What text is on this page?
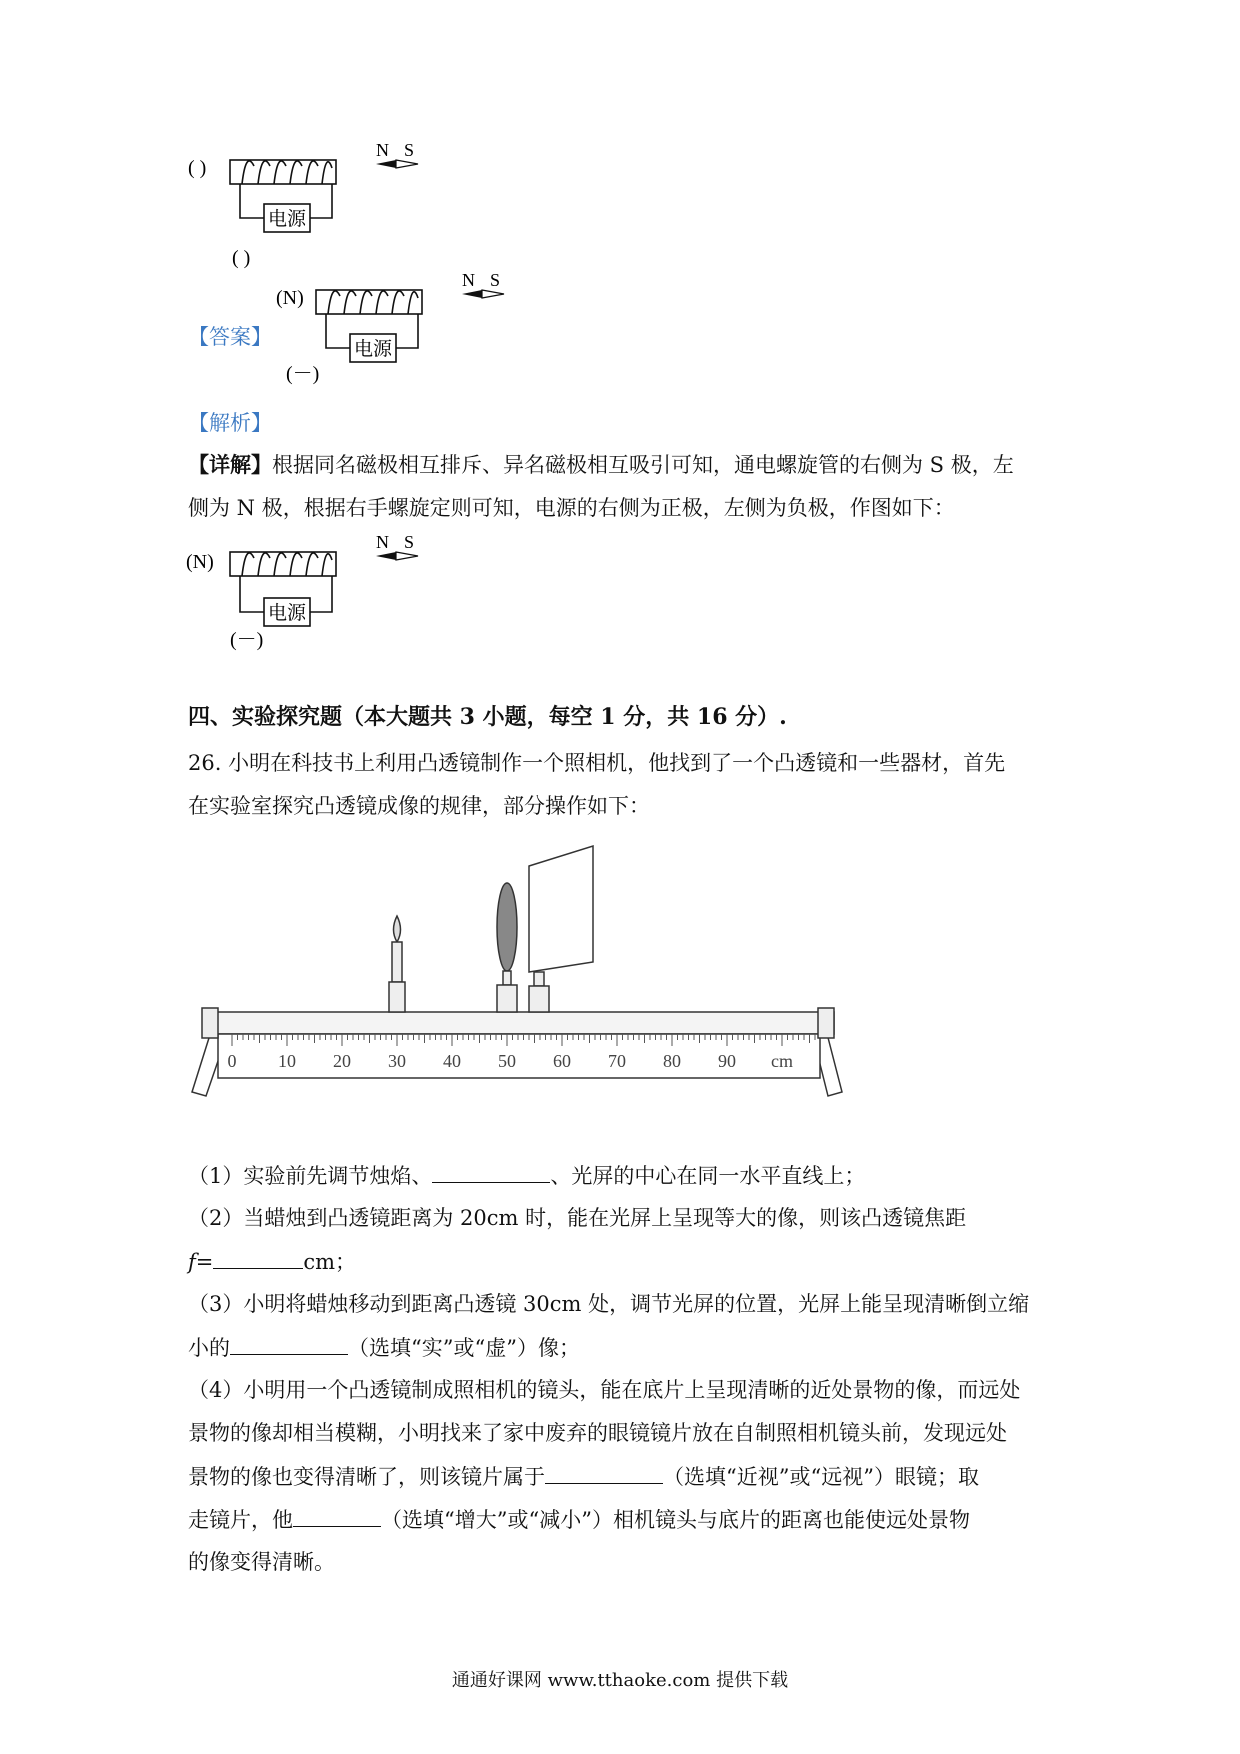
( )
电源
( )
N S
【答案】
(N)
电源
(－)
N S
【解析】
【详解】根据同名磁极相互排斥、异名磁极相互吸引可知，通电螺旋管的右侧为 S 极，左
侧为 N 极，根据右手螺旋定则可知，电源的右侧为正极，左侧为负极，作图如下：
(N)
电源
(－)
N S
四、实验探究题（本大题共 3 小题，每空 1 分，共 16 分）.
26. 小明在科技书上利用凸透镜制作一个照相机，他找到了一个凸透镜和一些器材，首先
在实验室探究凸透镜成像的规律，部分操作如下：
0 10 20 30 40 50 60 70 80 90 cm
（1）实验前先调节烛焰、	、光屏的中心在同一水平直线上；
（2）当蜡烛到凸透镜距离为 20cm 时，能在光屏上呈现等大的像，则该凸透镜焦距
f=	cm；
（3）小明将蜡烛移动到距离凸透镜 30cm 处，调节光屏的位置，光屏上能呈现清晰倒立缩
小的	（选填“实”或“虚”）像；
（4）小明用一个凸透镜制成照相机的镜头，能在底片上呈现清晰的近处景物的像，而远处
景物的像却相当模糊，小明找来了家中废弃的眼镜镜片放在自制照相机镜头前，发现远处
景物的像也变得清晰了，则该镜片属于	（选填“近视”或“远视”）眼镜；取
走镜片，他	（选填“增大”或“减小”）相机镜头与底片的距离也能使远处景物
的像变得清晰。
通通好课网 www.tthaoke.com 提供下载
